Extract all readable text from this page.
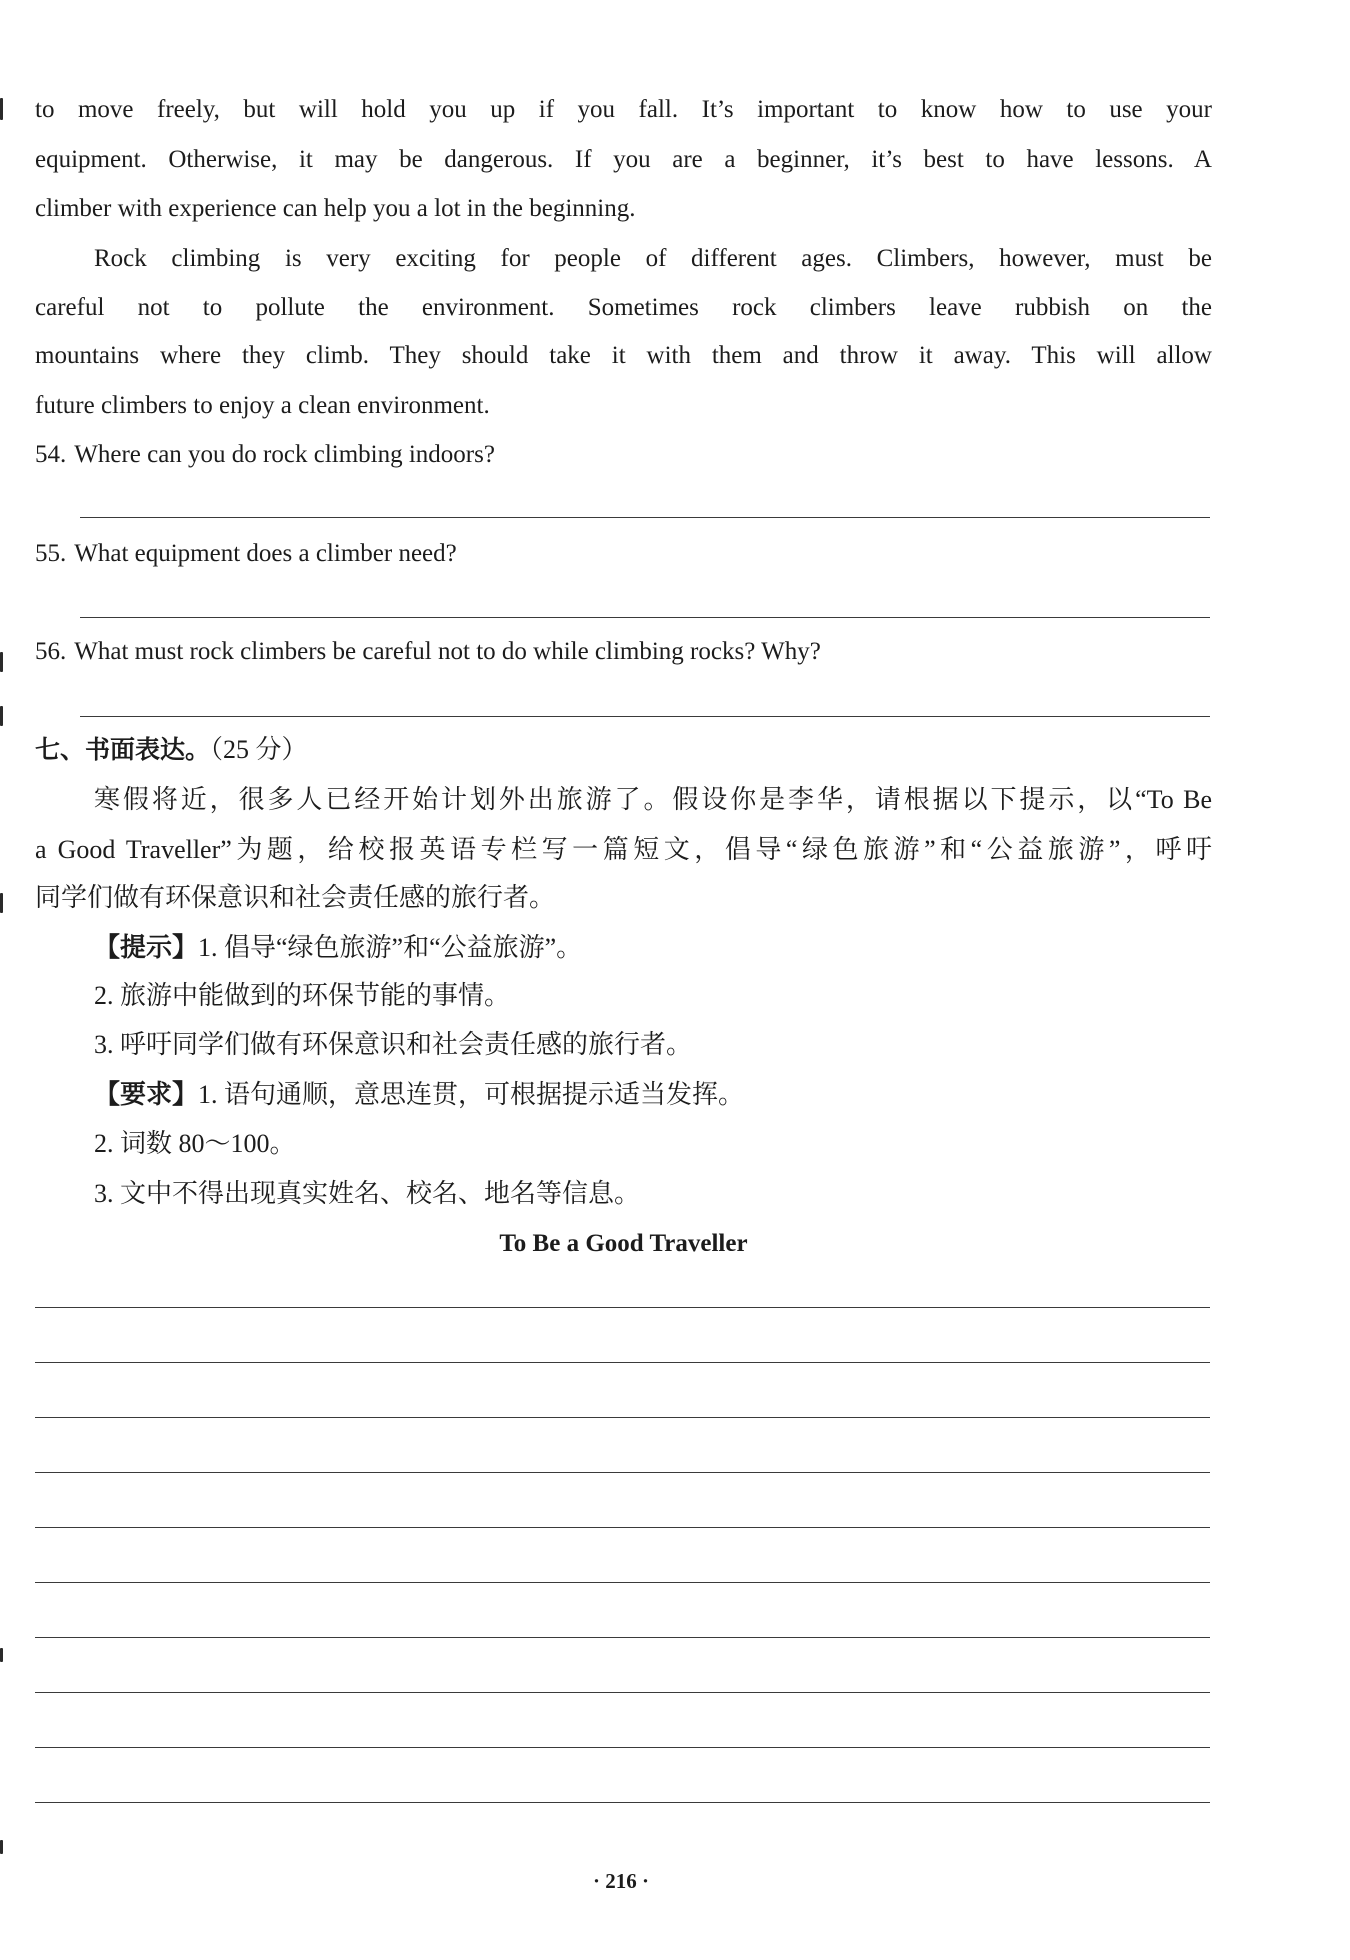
to move freely, but will hold you up if you fall. It’s important to know how to use your
equipment. Otherwise, it may be dangerous. If you are a beginner, it’s best to have lessons. A
climber with experience can help you a lot in the beginning.
Rock climbing is very exciting for people of different ages. Climbers, however, must be
careful not to pollute the environment. Sometimes rock climbers leave rubbish on the
mountains where they climb. They should take it with them and throw it away. This will allow
future climbers to enjoy a clean environment.
54. Where can you do rock climbing indoors?
55. What equipment does a climber need?
56. What must rock climbers be careful not to do while climbing rocks? Why?
七、书面表达。（25 分）
寒假将近，很多人已经开始计划外出旅游了。假设你是李华，请根据以下提示，以“To Be
a Good Traveller”为题，给校报英语专栏写一篇短文，倡导“绿色旅游”和“公益旅游”，呼吁
同学们做有环保意识和社会责任感的旅行者。
【提示】1. 倡导“绿色旅游”和“公益旅游”。
2. 旅游中能做到的环保节能的事情。
3. 呼吁同学们做有环保意识和社会责任感的旅行者。
【要求】1. 语句通顺，意思连贯，可根据提示适当发挥。
2. 词数 80～100。
3. 文中不得出现真实姓名、校名、地名等信息。
To Be a Good Traveller
· 216 ·
